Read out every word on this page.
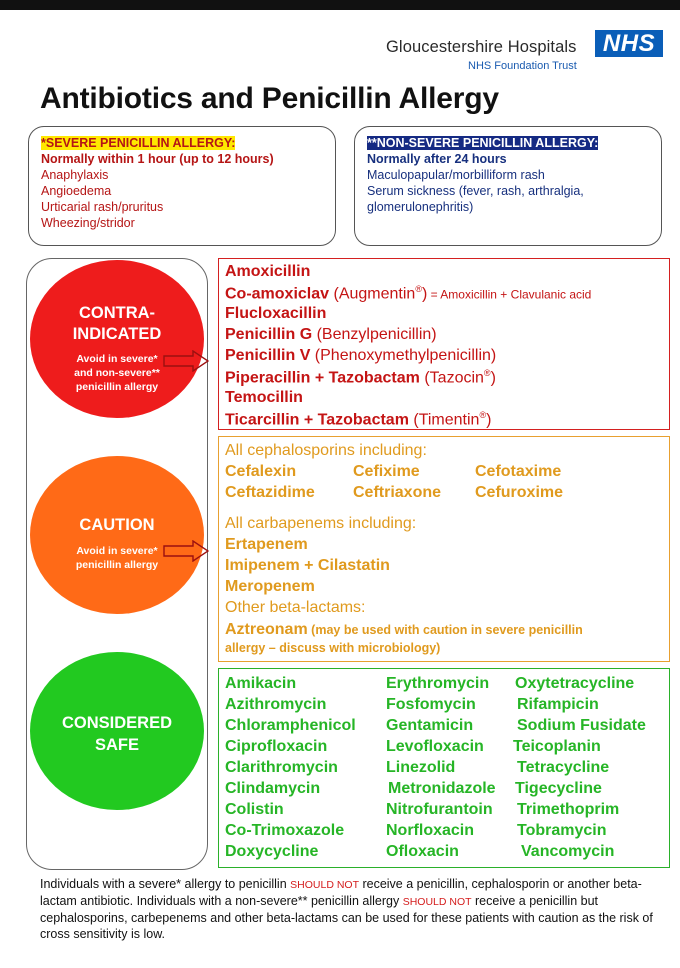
Gloucestershire Hospitals
NHS Foundation Trust
NHS
Antibiotics and Penicillin Allergy
*SEVERE PENICILLIN ALLERGY:
Normally within 1 hour (up to 12 hours)
Anaphylaxis
Angioedema
Urticarial rash/pruritus
Wheezing/stridor
**NON-SEVERE PENICILLIN ALLERGY:
Normally after 24 hours
Maculopapular/morbilliform rash
Serum sickness (fever, rash, arthralgia,
glomerulonephritis)
CONTRA-
INDICATED
Avoid in severe*
and non-severe**
penicillin allergy
CAUTION
Avoid in severe*
penicillin allergy
CONSIDERED
SAFE
Amoxicillin
Co-amoxiclav (Augmentin®) = Amoxicillin + Clavulanic acid
Flucloxacillin
Penicillin G (Benzylpenicillin)
Penicillin V (Phenoxymethylpenicillin)
Piperacillin + Tazobactam (Tazocin®)
Temocillin
Ticarcillin + Tazobactam (Timentin®)
All cephalosporins including:
Cefalexin	Cefixime	Cefotaxime
Ceftazidime Ceftriaxone Cefuroxime
All carbapenems including:
Ertapenem
Imipenem + Cilastatin
Meropenem
Other beta-lactams:
Aztreonam (may be used with caution in severe penicillin
allergy – discuss with microbiology)
Amikacin
Azithromycin
Chloramphenicol
Ciprofloxacin
Clarithromycin
Clindamycin
Colistin
Co-Trimoxazole
Doxycycline
Erythromycin
Fosfomycin
Gentamicin
Levofloxacin
Linezolid
Metronidazole
Nitrofurantoin
Norfloxacin
Ofloxacin
Oxytetracycline
Rifampicin
Sodium Fusidate
Teicoplanin
Tetracycline
Tigecycline
Trimethoprim
Tobramycin
Vancomycin
Individuals with a severe* allergy to penicillin SHOULD NOT receive a penicillin, cephalosporin or another beta-lactam antibiotic. Individuals with a non-severe** penicillin allergy SHOULD NOT receive a penicillin but cephalosporins, carbepenems and other beta-lactams can be used for these patients with caution as the risk of cross sensitivity is low.
